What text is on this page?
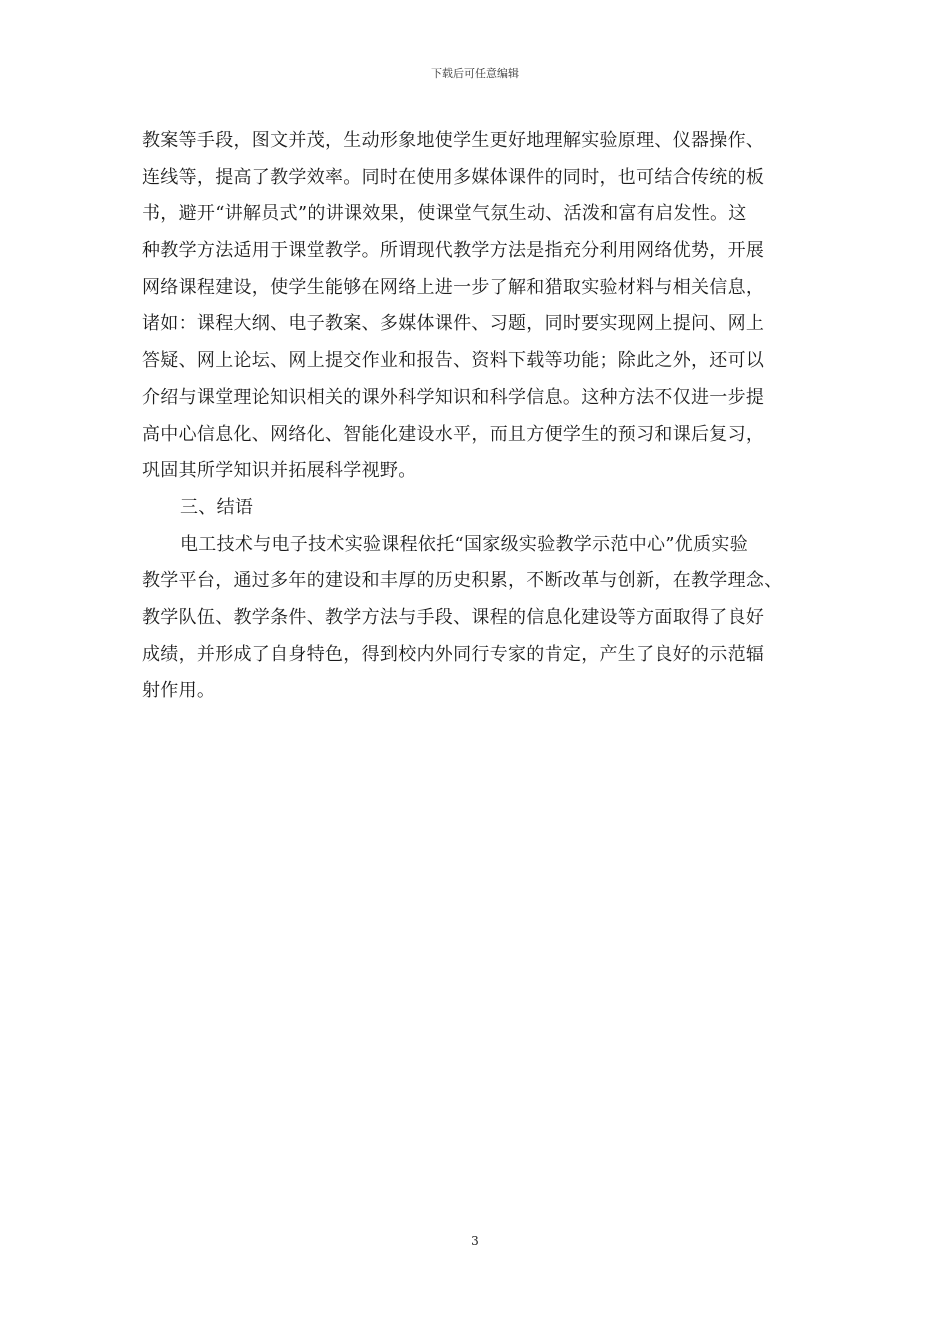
下载后可任意编辑
教案等手段，图文并茂，生动形象地使学生更好地理解实验原理、仪器操作、
连线等，提高了教学效率。同时在使用多媒体课件的同时，也可结合传统的板
书，避开“讲解员式”的讲课效果，使课堂气氛生动、活泼和富有启发性。这
种教学方法适用于课堂教学。所谓现代教学方法是指充分利用网络优势，开展
网络课程建设，使学生能够在网络上进一步了解和猎取实验材料与相关信息，
诸如：课程大纲、电子教案、多媒体课件、习题，同时要实现网上提问、网上
答疑、网上论坛、网上提交作业和报告、资料下载等功能；除此之外，还可以
介绍与课堂理论知识相关的课外科学知识和科学信息。这种方法不仅进一步提
高中心信息化、网络化、智能化建设水平，而且方便学生的预习和课后复习，
巩固其所学知识并拓展科学视野。
三、结语
电工技术与电子技术实验课程依托“国家级实验教学示范中心”优质实验
教学平台，通过多年的建设和丰厚的历史积累，不断改革与创新，在教学理念、
教学队伍、教学条件、教学方法与手段、课程的信息化建设等方面取得了良好
成绩，并形成了自身特色，得到校内外同行专家的肯定，产生了良好的示范辐
射作用。
3
